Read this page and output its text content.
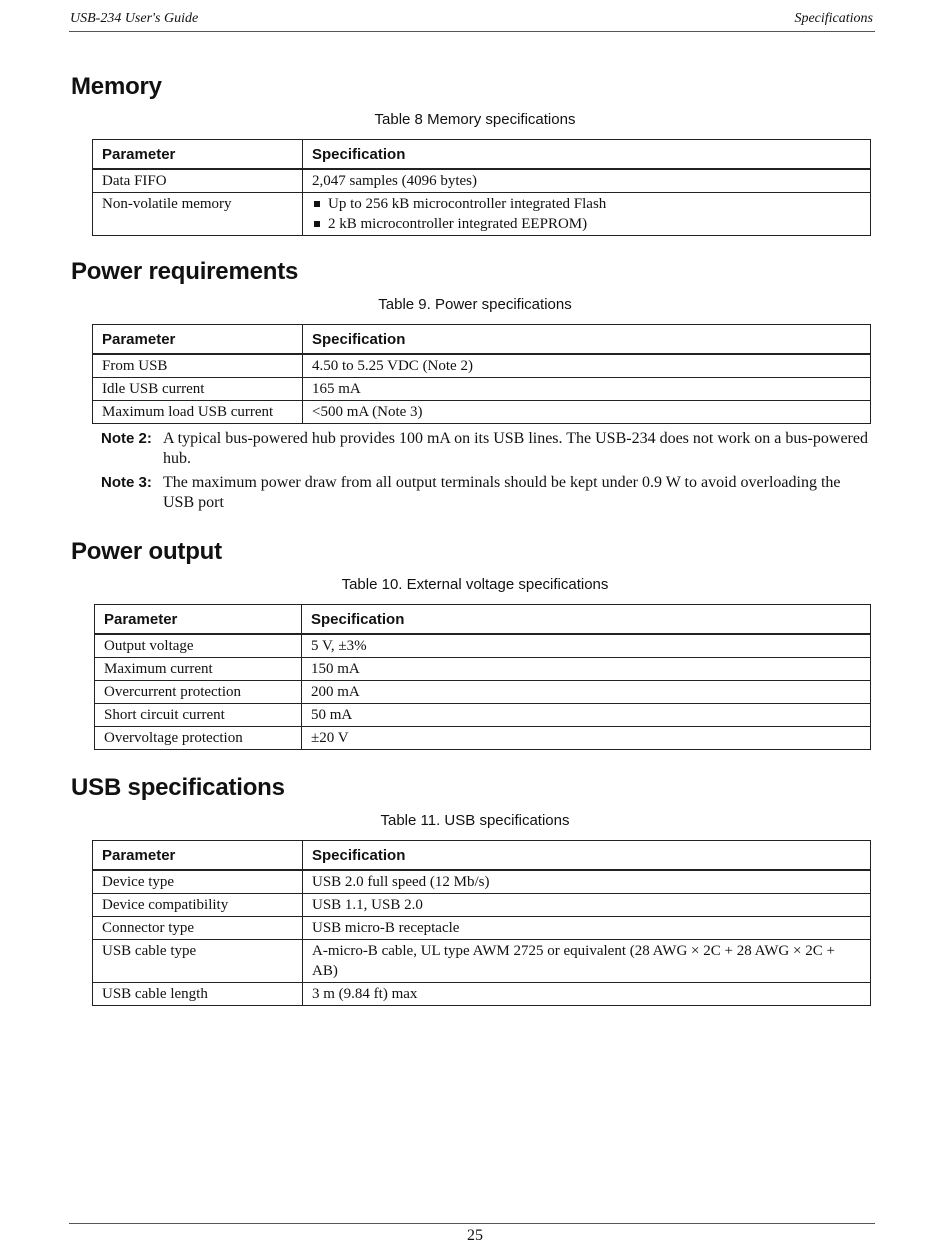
USB-234 User's Guide	Specifications
Memory
Table 8 Memory specifications
Parameter	Specification
Data FIFO	2,047 samples (4096 bytes)
Non-volatile memory	Up to 256 kB microcontroller integrated Flash
2 kB microcontroller integrated EEPROM)
Power requirements
Table 9. Power specifications
Parameter	Specification
From USB	4.50 to 5.25 VDC (Note 2)
Idle USB current	165 mA
Maximum load USB current	<500 mA (Note 3)
Note 2: A typical bus-powered hub provides 100 mA on its USB lines. The USB-234 does not work on a bus-powered hub.
Note 3: The maximum power draw from all output terminals should be kept under 0.9 W to avoid overloading the USB port
Power output
Table 10. External voltage specifications
Parameter	Specification
Output voltage	5 V, ±3%
Maximum current	150 mA
Overcurrent protection	200 mA
Short circuit current	50 mA
Overvoltage protection	±20 V
USB specifications
Table 11. USB specifications
Parameter	Specification
Device type	USB 2.0 full speed (12 Mb/s)
Device compatibility	USB 1.1, USB 2.0
Connector type	USB micro-B receptacle
USB cable type	A-micro-B cable, UL type AWM 2725 or equivalent (28 AWG × 2C + 28 AWG × 2C + AB)
USB cable length	3 m (9.84 ft) max
25
